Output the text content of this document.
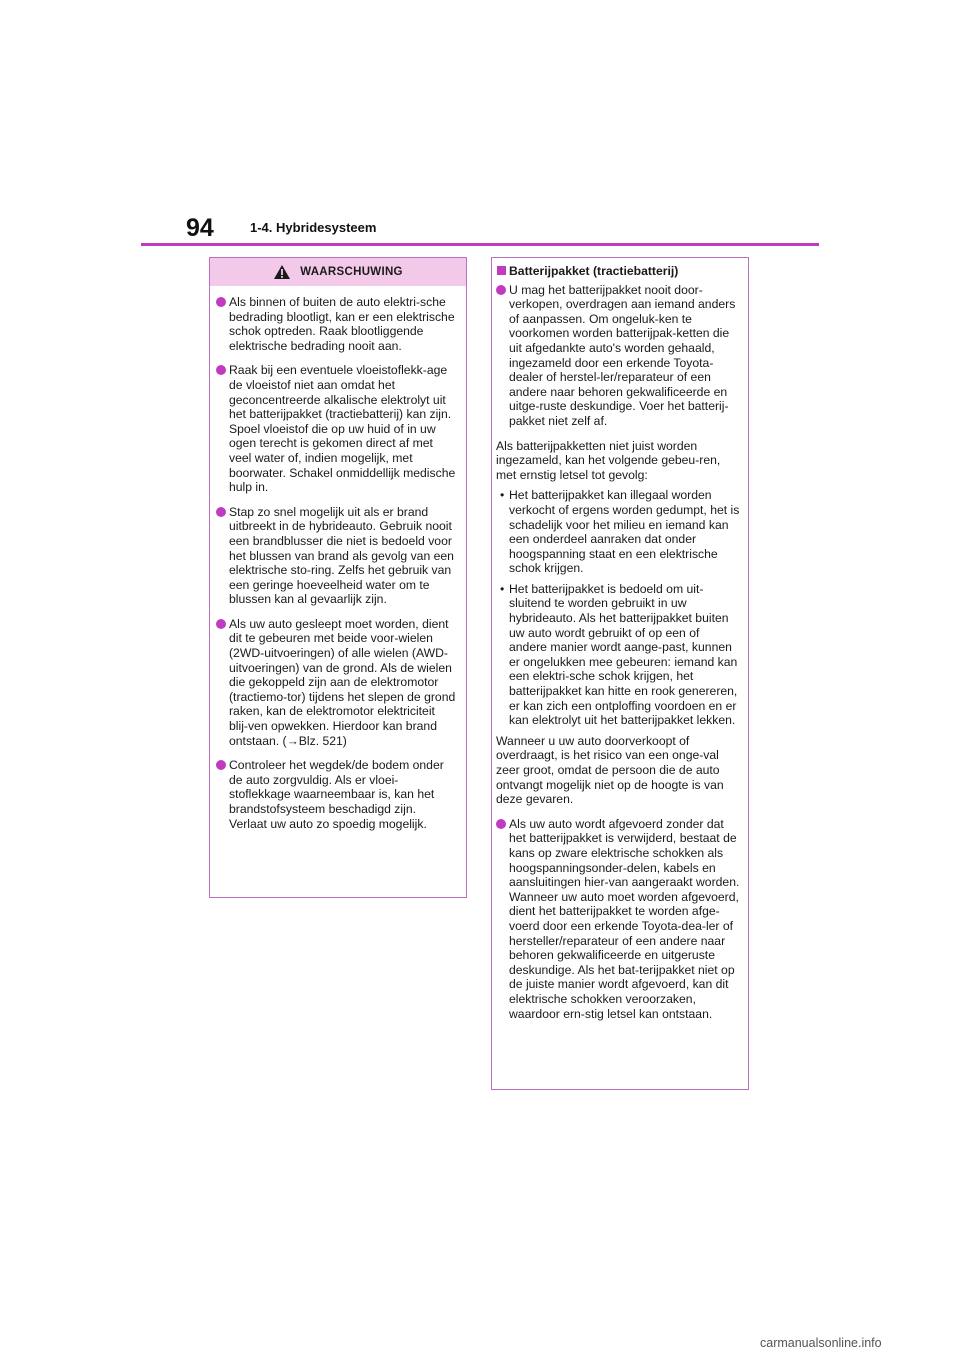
94	1-4. Hybridesysteem
WAARSCHUWING

Als binnen of buiten de auto elektri-sche bedrading blootligt, kan er een elektrische schok optreden. Raak blootliggende elektrische bedrading nooit aan.

Raak bij een eventuele vloeistoflekk-age de vloeistof niet aan omdat het geconcentreerde alkalische elektrolyt uit het batterijpakket (tractiebatterij) kan zijn. Spoel vloeistof die op uw huid of in uw ogen terecht is gekomen direct af met veel water of, indien mogelijk, met boorwater. Schakel onmiddellijk medische hulp in.

Stap zo snel mogelijk uit als er brand uitbreekt in de hybrideauto. Gebruik nooit een brandblusser die niet is bedoeld voor het blussen van brand als gevolg van een elektrische sto-ring. Zelfs het gebruik van een geringe hoeveelheid water om te blussen kan al gevaarlijk zijn.

Als uw auto gesleept moet worden, dient dit te gebeuren met beide voor-wielen (2WD-uitvoeringen) of alle wielen (AWD-uitvoeringen) van de grond. Als de wielen die gekoppeld zijn aan de elektromotor (tractiemo-tor) tijdens het slepen de grond raken, kan de elektromotor elektriciteit blij-ven opwekken. Hierdoor kan brand ontstaan. (→Blz. 521)

Controleer het wegdek/de bodem onder de auto zorgvuldig. Als er vloei-stoflekkage waarneembaar is, kan het brandstofsysteem beschadigd zijn. Verlaat uw auto zo spoedig mogelijk.

Batterijpakket (tractiebatterij)

U mag het batterijpakket nooit door-verkopen, overdragen aan iemand anders of aanpassen. Om ongeluk-ken te voorkomen worden batterijpak-ketten die uit afgedankte auto's worden gehaald, ingezameld door een erkende Toyota-dealer of herstel-ler/reparateur of een andere naar behoren gekwalificeerde en uitge-ruste deskundige. Voer het batterij-pakket niet zelf af.

Als batterijpakketten niet juist worden ingezameld, kan het volgende gebeu-ren, met ernstig letsel tot gevolg:

• Het batterijpakket kan illegaal worden verkocht of ergens worden gedumpt, het is schadelijk voor het milieu en iemand kan een onderdeel aanraken dat onder hoogspanning staat en een elektrische schok krijgen.

• Het batterijpakket is bedoeld om uit-sluitend te worden gebruikt in uw hybrideauto. Als het batterijpakket buiten uw auto wordt gebruikt of op een of andere manier wordt aange-past, kunnen er ongelukken mee gebeuren: iemand kan een elektri-sche schok krijgen, het batterijpakket kan hitte en rook genereren, er kan zich een ontploffing voordoen en er kan elektrolyt uit het batterijpakket lekken.

Wanneer u uw auto doorverkoopt of overdraagt, is het risico van een onge-val zeer groot, omdat de persoon die de auto ontvangt mogelijk niet op de hoogte is van deze gevaren.

Als uw auto wordt afgevoerd zonder dat het batterijpakket is verwijderd, bestaat de kans op zware elektrische schokken als hoogspanningsonder-delen, kabels en aansluitingen hier-van aangeraakt worden. Wanneer uw auto moet worden afgevoerd, dient het batterijpakket te worden afge-voerd door een erkende Toyota-dea-ler of hersteller/reparateur of een andere naar behoren gekwalificeerde en uitgeruste deskundige. Als het bat-terijpakket niet op de juiste manier wordt afgevoerd, kan dit elektrische schokken veroorzaken, waardoor ern-stig letsel kan ontstaan.

carmanualsonline.info
